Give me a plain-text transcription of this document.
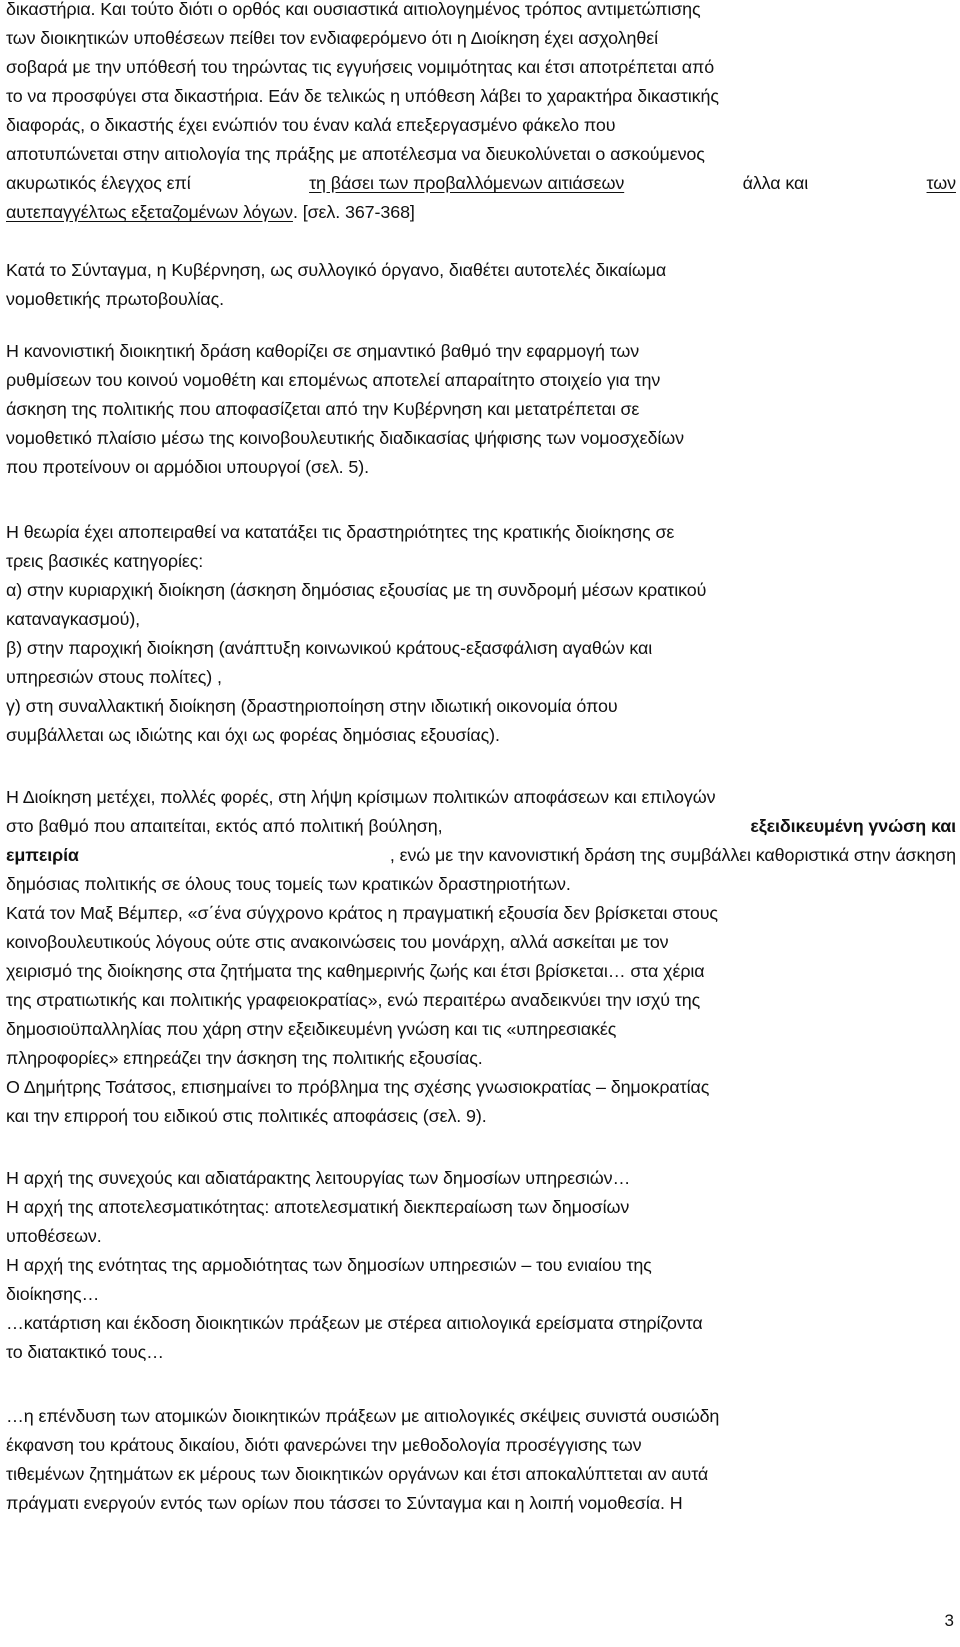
δικαστήρια. Και τούτο διότι ο ορθός και ουσιαστικά αιτιολογημένος τρόπος αντιμετώπισης
των διοικητικών υποθέσεων πείθει τον ενδιαφερόμενο ότι η Διοίκηση έχει ασχοληθεί
σοβαρά με την υπόθεσή του τηρώντας τις εγγυήσεις νομιμότητας και έτσι αποτρέπεται από
το να προσφύγει στα δικαστήρια. Εάν δε τελικώς η υπόθεση λάβει το χαρακτήρα δικαστικής
διαφοράς, ο δικαστής έχει ενώπιόν του έναν καλά επεξεργασμένο φάκελο που
αποτυπώνεται στην αιτιολογία της πράξης με αποτέλεσμα να διευκολύνεται ο ασκούμενος
ακυρωτικός έλεγχος επί	τη βάσει των προβαλλόμενων αιτιάσεων	άλλα και	των
αυτεπαγγέλτως εξεταζομένων λόγων. [σελ. 367-368]
Κατά το Σύνταγμα, η Κυβέρνηση, ως συλλογικό όργανο, διαθέτει αυτοτελές δικαίωμα
νομοθετικής πρωτοβουλίας.
Η κανονιστική διοικητική δράση καθορίζει σε σημαντικό βαθμό την εφαρμογή των
ρυθμίσεων του κοινού νομοθέτη και επομένως αποτελεί απαραίτητο στοιχείο για την
άσκηση της πολιτικής που αποφασίζεται από την Κυβέρνηση και μετατρέπεται σε
νομοθετικό πλαίσιο μέσω της κοινοβουλευτικής διαδικασίας ψήφισης των νομοσχεδίων
που προτείνουν οι αρμόδιοι υπουργοί (σελ. 5).
Η θεωρία έχει αποπειραθεί να κατατάξει τις δραστηριότητες της κρατικής διοίκησης σε
τρεις βασικές κατηγορίες:
α) στην κυριαρχική διοίκηση (άσκηση δημόσιας εξουσίας με τη συνδρομή μέσων κρατικού
καταναγκασμού),
β) στην παροχική διοίκηση (ανάπτυξη κοινωνικού κράτους-εξασφάλιση αγαθών και
υπηρεσιών στους πολίτες) ,
γ) στη συναλλακτική διοίκηση (δραστηριοποίηση στην ιδιωτική οικονομία όπου
συμβάλλεται ως ιδιώτης και όχι ως φορέας δημόσιας εξουσίας).
Η Διοίκηση μετέχει, πολλές φορές, στη λήψη κρίσιμων πολιτικών αποφάσεων και επιλογών
στο βαθμό που απαιτείται, εκτός από πολιτική βούληση,	εξειδικευμένη γνώση και
εμπειρία	, ενώ με την κανονιστική δράση της συμβάλλει καθοριστικά στην άσκηση
δημόσιας πολιτικής σε όλους τους τομείς των κρατικών δραστηριοτήτων.
Κατά τον Μαξ Βέμπερ, «σ΄ένα σύγχρονο κράτος η πραγματική εξουσία δεν βρίσκεται στους
κοινοβουλευτικούς λόγους ούτε στις ανακοινώσεις του μονάρχη, αλλά ασκείται με τον
χειρισμό της διοίκησης στα ζητήματα της καθημερινής ζωής και έτσι βρίσκεται… στα χέρια
της στρατιωτικής και πολιτικής γραφειοκρατίας», ενώ περαιτέρω αναδεικνύει την ισχύ της
δημοσιοϋπαλληλίας που χάρη στην εξειδικευμένη γνώση και τις «υπηρεσιακές
πληροφορίες» επηρεάζει την άσκηση της πολιτικής εξουσίας.
Ο Δημήτρης Τσάτσος, επισημαίνει το πρόβλημα της σχέσης γνωσιοκρατίας – δημοκρατίας
και την επιρροή του ειδικού στις πολιτικές αποφάσεις (σελ. 9).
Η αρχή της συνεχούς και αδιατάρακτης λειτουργίας των δημοσίων υπηρεσιών…
Η αρχή της αποτελεσματικότητας: αποτελεσματική διεκπεραίωση των δημοσίων
υποθέσεων.
Η αρχή της ενότητας της αρμοδιότητας των δημοσίων υπηρεσιών – του ενιαίου της
διοίκησης…
…κατάρτιση και έκδοση διοικητικών πράξεων με στέρεα αιτιολογικά ερείσματα στηρίζοντα
το διατακτικό τους…
…η επένδυση των ατομικών διοικητικών πράξεων με αιτιολογικές σκέψεις συνιστά ουσιώδη
έκφανση του κράτους δικαίου, διότι φανερώνει την μεθοδολογία προσέγγισης των
τιθεμένων ζητημάτων εκ μέρους των διοικητικών οργάνων και έτσι αποκαλύπτεται αν αυτά
πράγματι ενεργούν εντός των ορίων που τάσσει το Σύνταγμα και η λοιπή νομοθεσία. Η
3
